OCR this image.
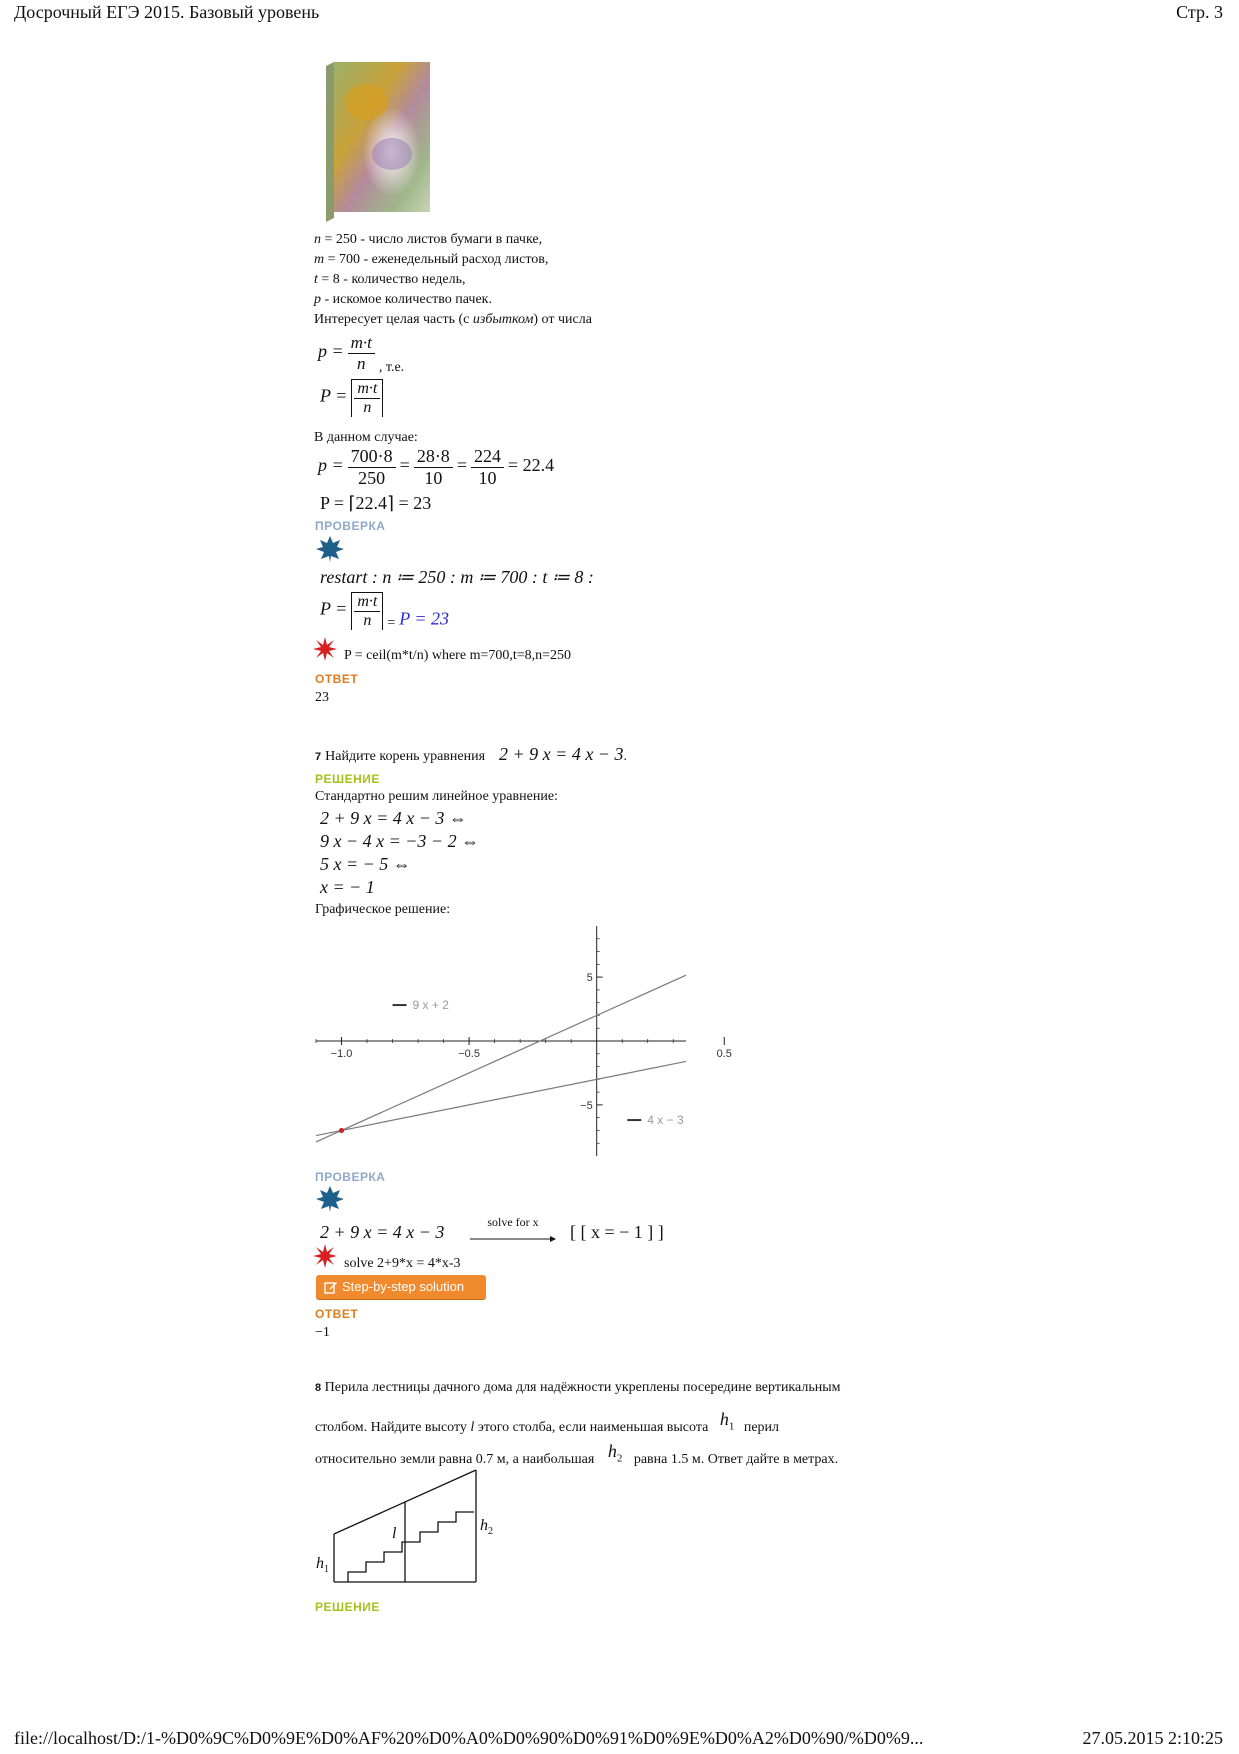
Досрочный ЕГЭ 2015. Базовый уровень	Стр. 3
n = 250 - число листов бумаги в пачке,
m = 700 - еженедельный расход листов,
t = 8 - количество недель,
p - искомое количество пачек.
Интересует целая часть (с избытком) от числа
$p = \frac{m\cdot t}{n}$ , т.е.
$P = \frac{m\cdot t}{n}$
В данном случае:
$p = \frac{700\cdot 8}{250} = \frac{28\cdot 8}{10} = \frac{224}{10} = 22.4$
P = ⌈22.4⌉ = 23
ПРОВЕРКА
restart : n ≔ 250 : m ≔ 700 : t ≔ 8 :
$P = \frac{m\cdot t}{n} = P = 23$
P = ceil(m*t/n) where m=700,t=8,n=250
ОТВЕТ
23
7 Найдите корень уравнения 2 + 9 x = 4 x − 3.
РЕШЕНИЕ
Стандартно решим линейное уравнение:
2 + 9 x = 4 x − 3 ⇔
9 x − 4 x = −3 − 2 ⇔
5 x = − 5 ⇔
x = − 1
Графическое решение:
−1.0	−0.5	0.5
5
−5
9 x + 2
4 x − 3
ПРОВЕРКА
2 + 9 x = 4 x − 3	solve for x	[ [ x = − 1 ] ]
solve 2+9*x = 4*x-3
Step-by-step solution
ОТВЕТ
−1
8 Перила лестницы дачного дома для надёжности укреплены посередине вертикальным
столбом. Найдите высоту l этого столба, если наименьшая высота $h_1$ перил
относительно земли равна 0.7 м, а наибольшая $h_2$ равна 1.5 м. Ответ дайте в метрах.
$h_1$
l	$h_2$
РЕШЕНИЕ
file://localhost/D:/1-%D0%9C%D0%9E%D0%AF%20%D0%A0%D0%90%D0%91%D0%9E%D0%A2%D0%90/%D0%9...	27.05.2015 2:10:25
